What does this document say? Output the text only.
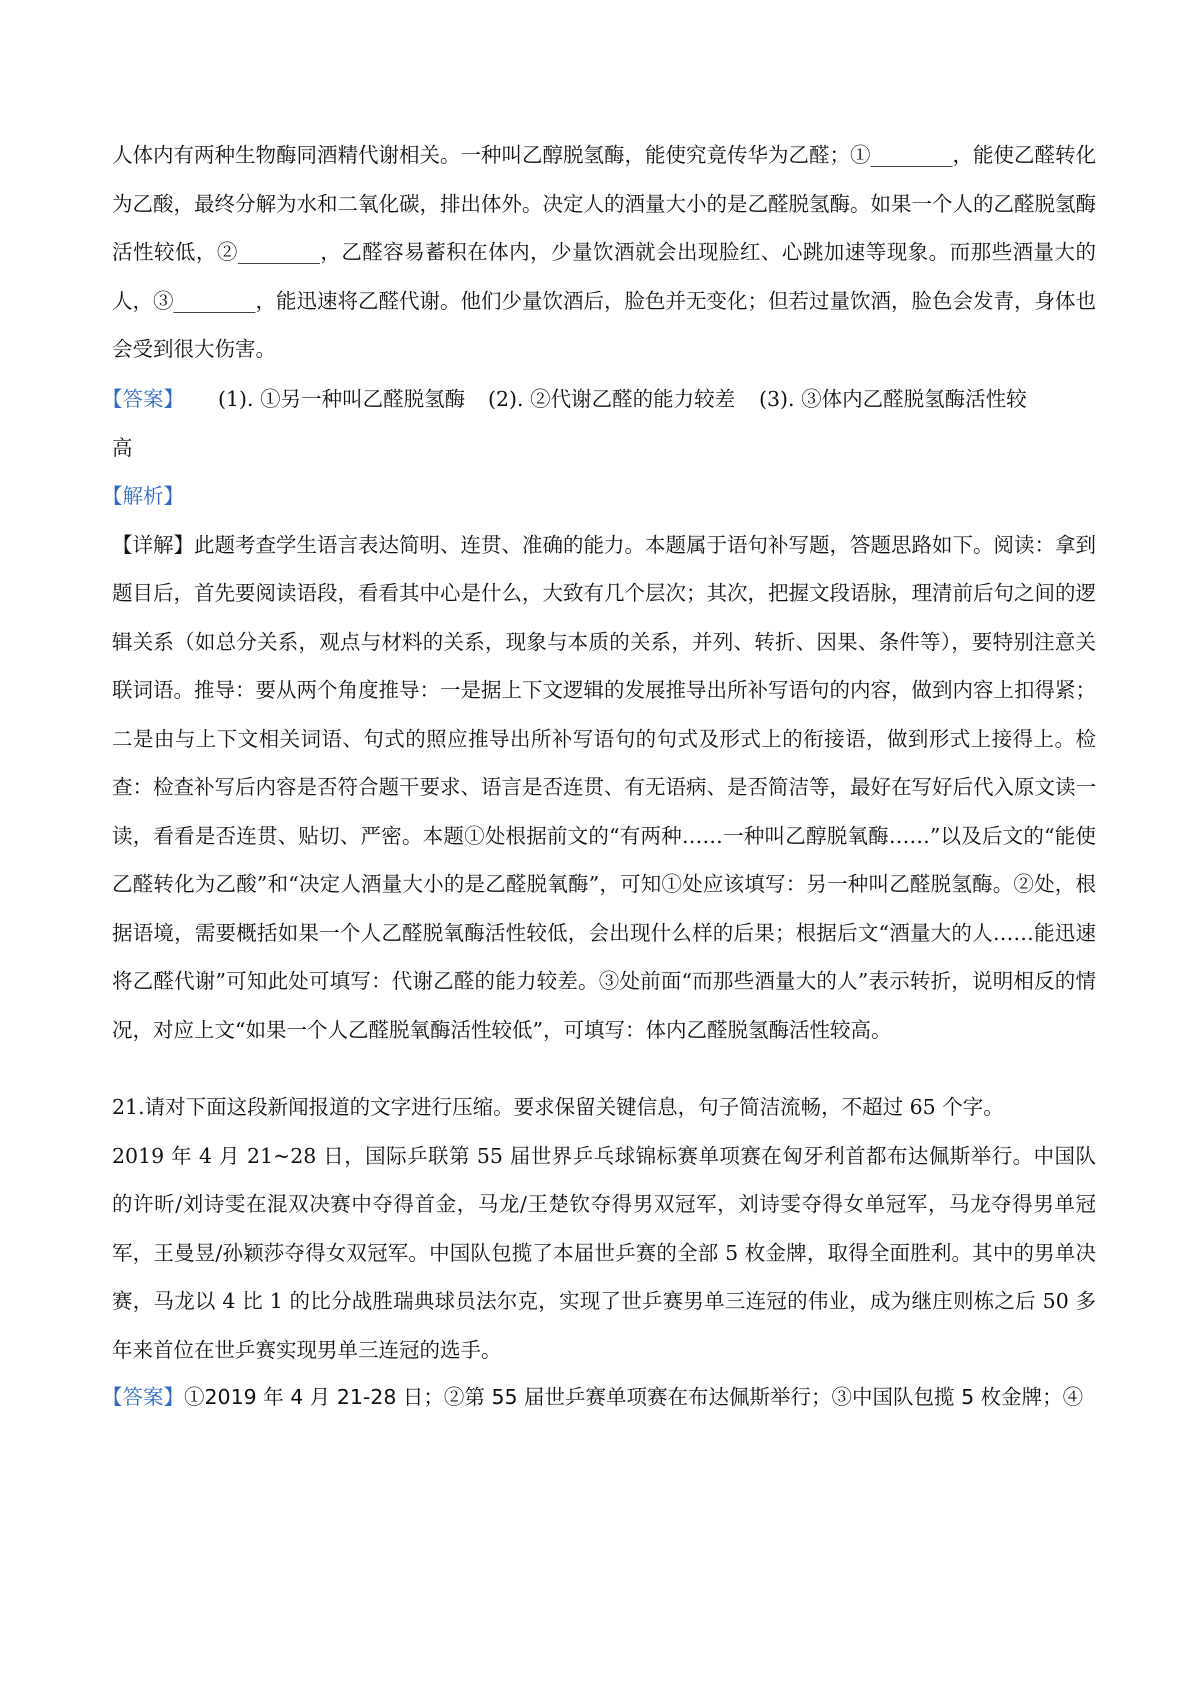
人体内有两种生物酶同酒精代谢相关。一种叫乙醇脱氢酶，能使究竟传华为乙醛；①________，能使乙醛转化为乙酸，最终分解为水和二氧化碳，排出体外。决定人的酒量大小的是乙醛脱氢酶。如果一个人的乙醛脱氢酶活性较低，②________，乙醛容易蓄积在体内，少量饮酒就会出现脸红、心跳加速等现象。而那些酒量大的人，③________，能迅速将乙醛代谢。他们少量饮酒后，脸色并无变化；但若过量饮酒，脸色会发青，身体也会受到很大伤害。

【答案】 (1). ①另一种叫乙醛脱氢酶 (2). ②代谢乙醛的能力较差 (3). ③体内乙醛脱氢酶活性较
高
【解析】

【详解】此题考查学生语言表达简明、连贯、准确的能力。本题属于语句补写题，答题思路如下。阅读：拿到题目后，首先要阅读语段，看看其中心是什么，大致有几个层次；其次，把握文段语脉，理清前后句之间的逻辑关系（如总分关系，观点与材料的关系，现象与本质的关系，并列、转折、因果、条件等），要特别注意关联词语。推导：要从两个角度推导：一是据上下文逻辑的发展推导出所补写语句的内容，做到内容上扣得紧；二是由与上下文相关词语、句式的照应推导出所补写语句的句式及形式上的衔接语，做到形式上接得上。检查：检查补写后内容是否符合题干要求、语言是否连贯、有无语病、是否简洁等，最好在写好后代入原文读一读，看看是否连贯、贴切、严密。本题①处根据前文的“有两种……一种叫乙醇脱氧酶……”以及后文的“能使乙醛转化为乙酸”和“决定人酒量大小的是乙醛脱氧酶”，可知①处应该填写：另一种叫乙醛脱氢酶。②处，根据语境，需要概括如果一个人乙醛脱氧酶活性较低，会出现什么样的后果；根据后文“酒量大的人……能迅速将乙醛代谢”可知此处可填写：代谢乙醛的能力较差。③处前面“而那些酒量大的人”表示转折，说明相反的情况，对应上文“如果一个人乙醛脱氧酶活性较低”，可填写：体内乙醛脱氢酶活性较高。

21.请对下面这段新闻报道的文字进行压缩。要求保留关键信息，句子简洁流畅，不超过 65 个字。

2019 年 4 月 21~28 日，国际乒联第 55 届世界乒乓球锦标赛单项赛在匈牙利首都布达佩斯举行。中国队的许昕/刘诗雯在混双决赛中夺得首金，马龙/王楚钦夺得男双冠军，刘诗雯夺得女单冠军，马龙夺得男单冠军，王曼昱/孙颖莎夺得女双冠军。中国队包揽了本届世乒赛的全部 5 枚金牌，取得全面胜利。其中的男单决赛，马龙以 4 比 1 的比分战胜瑞典球员法尔克，实现了世乒赛男单三连冠的伟业，成为继庄则栋之后 50 多年来首位在世乒赛实现男单三连冠的选手。

【答案】①2019 年 4 月 21-28 日；②第 55 届世乒赛单项赛在布达佩斯举行；③中国队包揽 5 枚金牌；④
